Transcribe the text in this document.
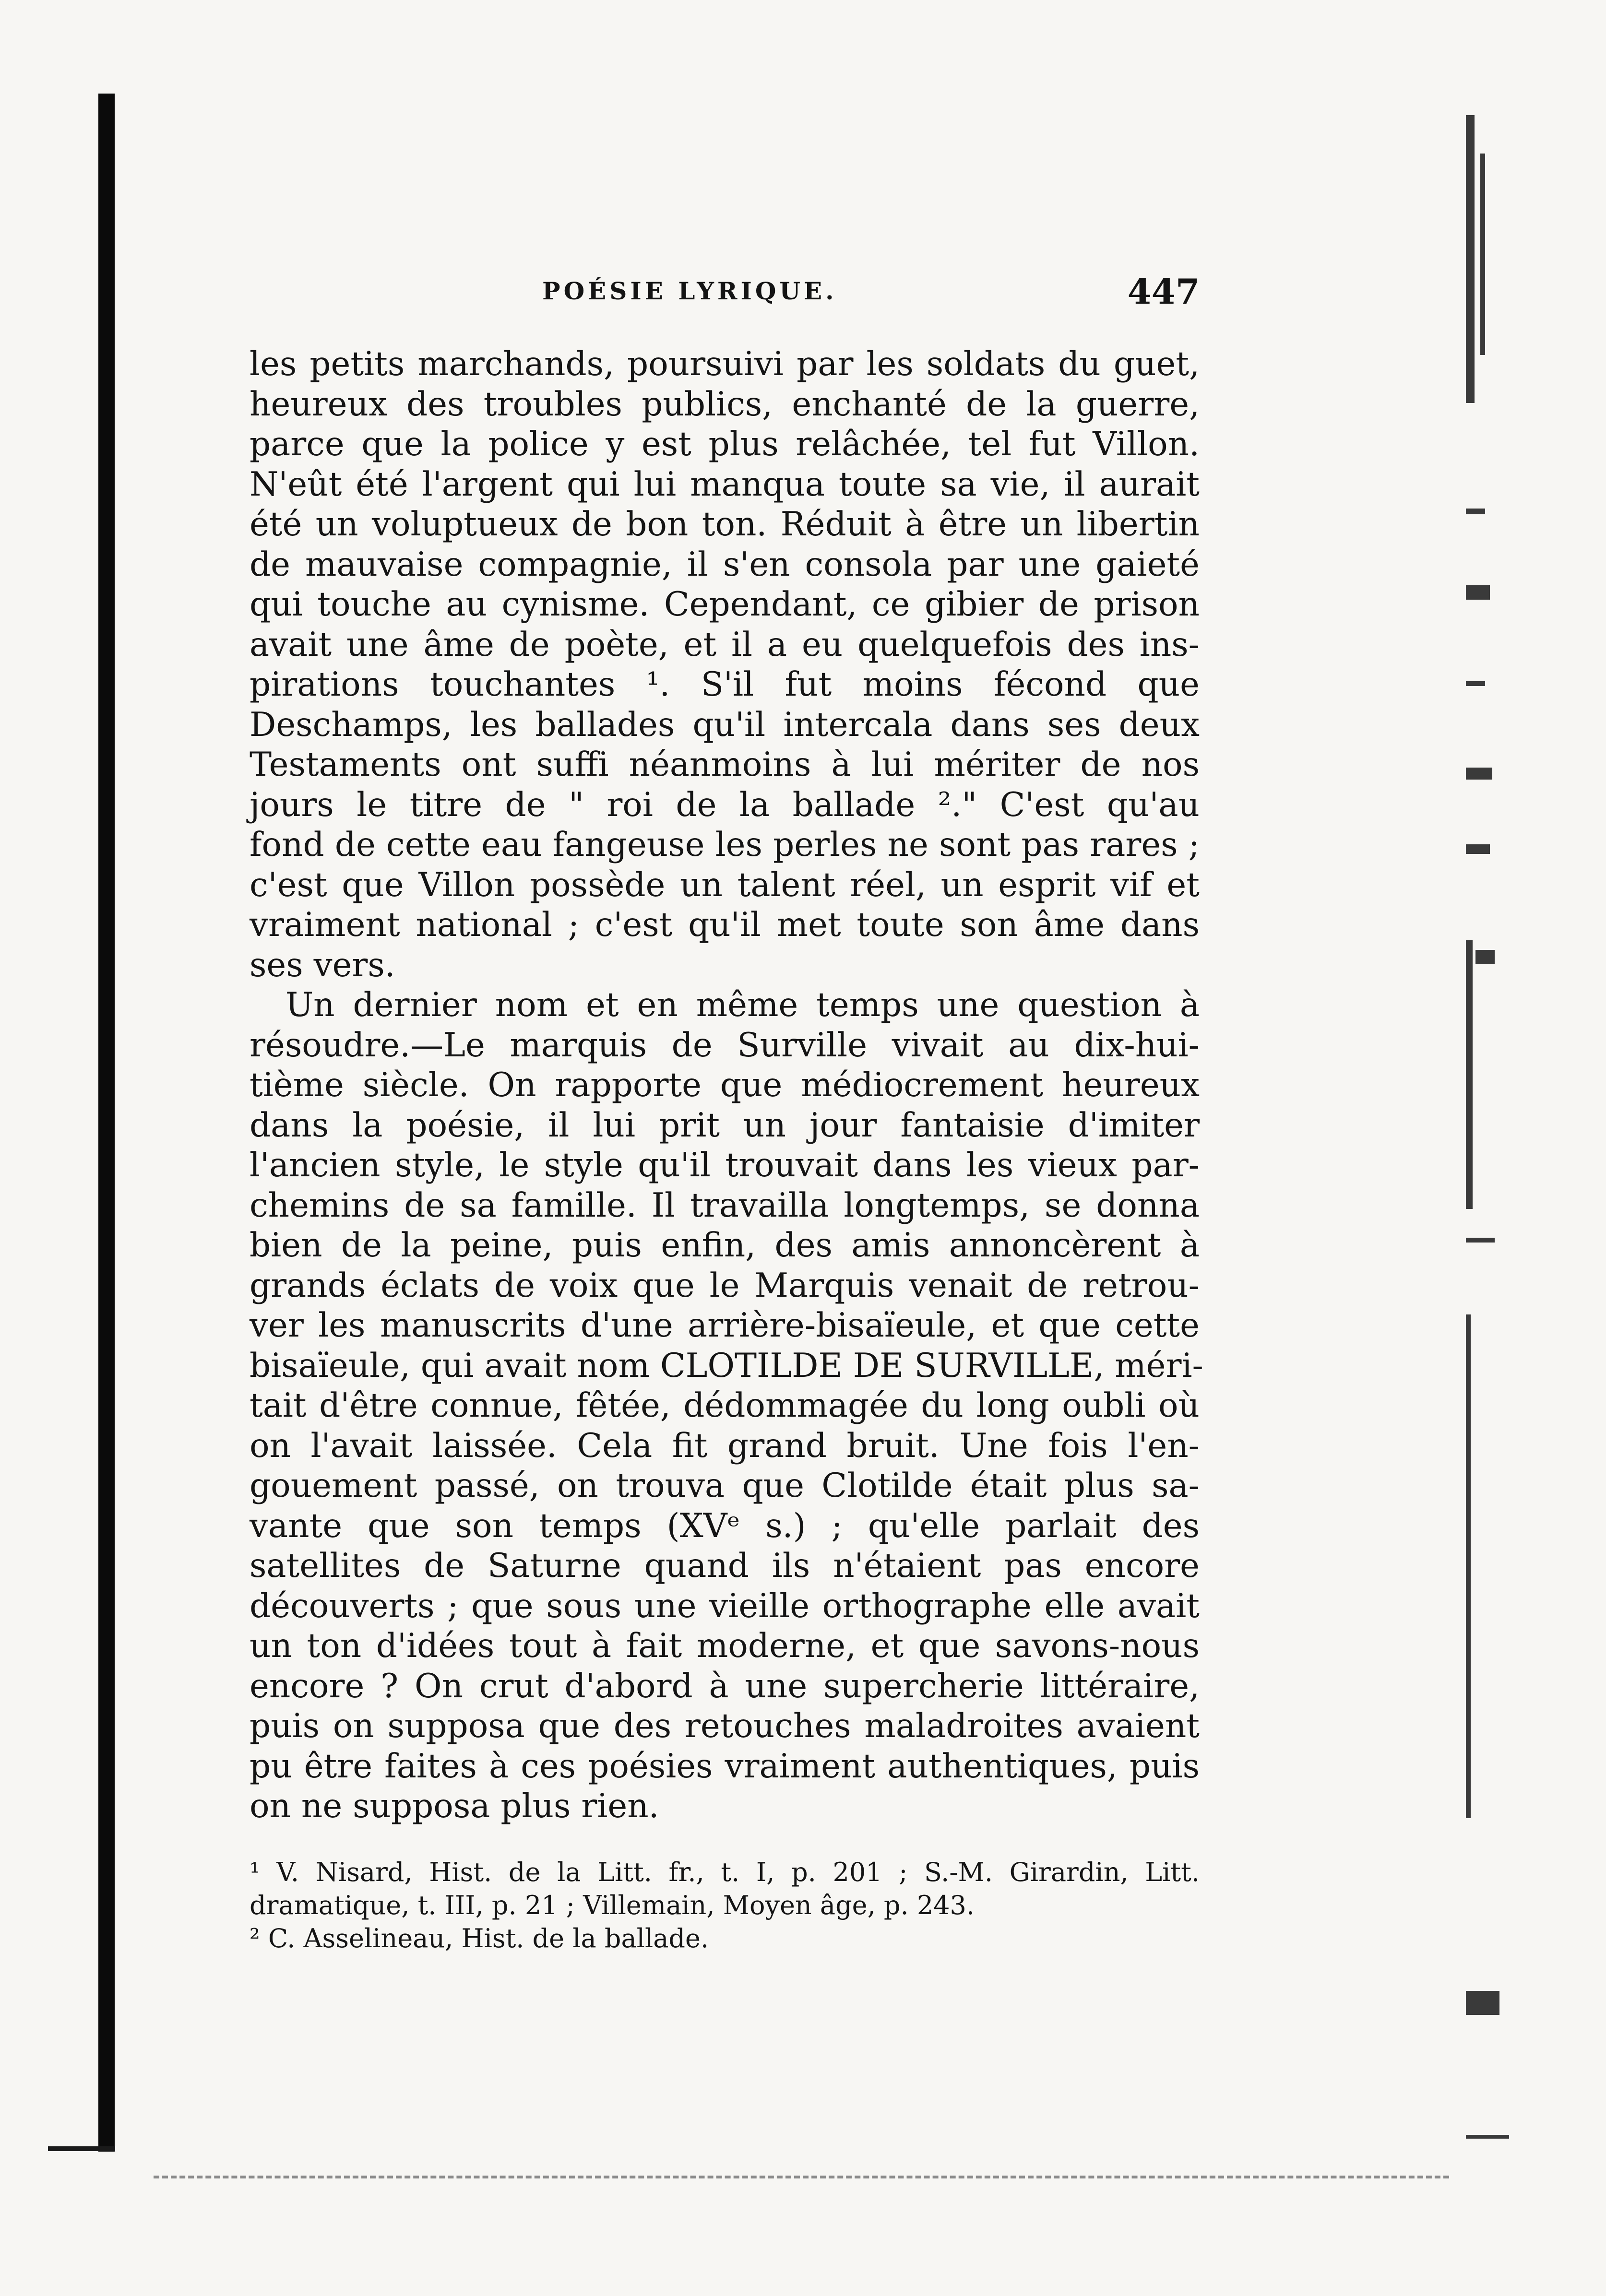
POÉSIE LYRIQUE.	447
les petits marchands, poursuivi par les soldats du guet,
heureux des troubles publics, enchanté de la guerre,
parce que la police y est plus relâchée, tel fut Villon.
N'eût été l'argent qui lui manqua toute sa vie, il aurait
été un voluptueux de bon ton. Réduit à être un libertin
de mauvaise compagnie, il s'en consola par une gaieté
qui touche au cynisme. Cependant, ce gibier de prison
avait une âme de poète, et il a eu quelquefois des ins-
pirations touchantes ¹. S'il fut moins fécond que
Deschamps, les ballades qu'il intercala dans ses deux
Testaments ont suffi néanmoins à lui mériter de nos
jours le titre de " roi de la ballade ²." C'est qu'au
fond de cette eau fangeuse les perles ne sont pas rares ;
c'est que Villon possède un talent réel, un esprit vif et
vraiment national ; c'est qu'il met toute son âme dans
ses vers.
Un dernier nom et en même temps une question à
résoudre.—Le marquis de Surville vivait au dix-hui-
tième siècle. On rapporte que médiocrement heureux
dans la poésie, il lui prit un jour fantaisie d'imiter
l'ancien style, le style qu'il trouvait dans les vieux par-
chemins de sa famille. Il travailla longtemps, se donna
bien de la peine, puis enfin, des amis annoncèrent à
grands éclats de voix que le Marquis venait de retrou-
ver les manuscrits d'une arrière-bisaïeule, et que cette
bisaïeule, qui avait nom CLOTILDE DE SURVILLE, méri-
tait d'être connue, fêtée, dédommagée du long oubli où
on l'avait laissée. Cela fit grand bruit. Une fois l'en-
gouement passé, on trouva que Clotilde était plus sa-
vante que son temps (XVᵉ s.) ; qu'elle parlait des
satellites de Saturne quand ils n'étaient pas encore
découverts ; que sous une vieille orthographe elle avait
un ton d'idées tout à fait moderne, et que savons-nous
encore ? On crut d'abord à une supercherie littéraire,
puis on supposa que des retouches maladroites avaient
pu être faites à ces poésies vraiment authentiques, puis
on ne supposa plus rien.
¹ V. Nisard, Hist. de la Litt. fr., t. I, p. 201 ; S.-M. Girardin, Litt.
dramatique, t. III, p. 21 ; Villemain, Moyen âge, p. 243.
² C. Asselineau, Hist. de la ballade.
